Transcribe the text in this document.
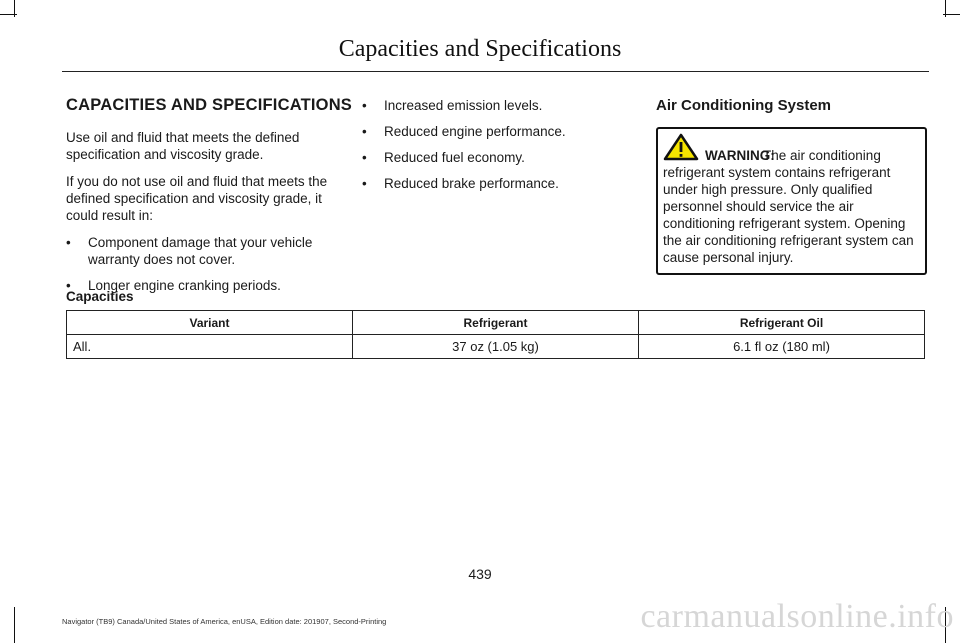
Capacities and Specifications
CAPACITIES AND SPECIFICATIONS

Use oil and fluid that meets the defined specification and viscosity grade.

If you do not use oil and fluid that meets the defined specification and viscosity grade, it could result in:

• Component damage that your vehicle warranty does not cover.
• Longer engine cranking periods.
• Increased emission levels.
• Reduced engine performance.
• Reduced fuel economy.
• Reduced brake performance.
Air Conditioning System
WARNING:
The air conditioning refrigerant system contains refrigerant under high pressure. Only qualified personnel should service the air conditioning refrigerant system. Opening the air conditioning refrigerant system can cause personal injury.
Capacities
Variant	Refrigerant	Refrigerant Oil
All.	37 oz (1.05 kg)	6.1 fl oz (180 ml)
439
Navigator (TB9) Canada/United States of America, enUSA, Edition date: 201907, Second-Printing	carmanualsonline.info
